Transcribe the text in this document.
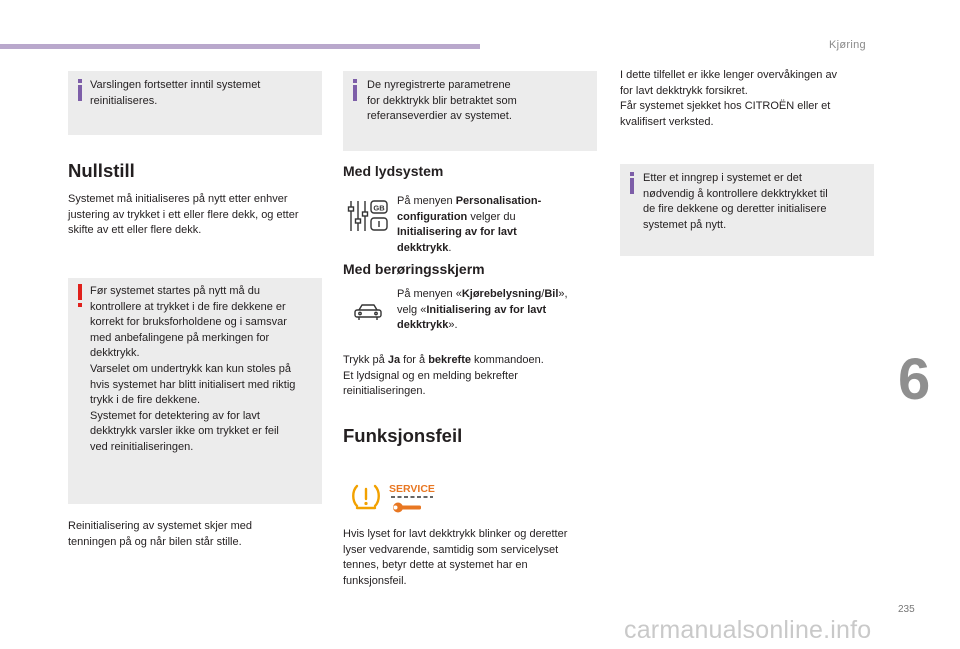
Kjøring
6
235
carmanualsonline.info
Varslingen fortsetter inntil systemet
reinitialiseres.
Nullstill
Systemet må initialiseres på nytt etter enhver
justering av trykket i ett eller flere dekk, og etter
skifte av ett eller flere dekk.
Før systemet startes på nytt må du
kontrollere at trykket i de fire dekkene er
korrekt for bruksforholdene og i samsvar
med anbefalingene på merkingen for
dekktrykk.
Varselet om undertrykk kan kun stoles på
hvis systemet har blitt initialisert med riktig
trykk i de fire dekkene.
Systemet for detektering av for lavt
dekktrykk varsler ikke om trykket er feil
ved reinitialiseringen.
Reinitialisering av systemet skjer med
tenningen på og når bilen står stille.
De nyregistrerte parametrene
for dekktrykk blir betraktet som
referanseverdier av systemet.
Med lydsystem
GB
På menyen Personalisation-
configuration velger du
Initialisering av for lavt
dekktrykk.
Med berøringsskjerm
På menyen «Kjørebelysning/Bil»,
velg «Initialisering av for lavt
dekktrykk».
Trykk på Ja for å bekrefte kommandoen.
Et lydsignal og en melding bekrefter
reinitialiseringen.
Funksjonsfeil
SERVICE
Hvis lyset for lavt dekktrykk blinker og deretter
lyser vedvarende, samtidig som servicelyset
tennes, betyr dette at systemet har en
funksjonsfeil.
I dette tilfellet er ikke lenger overvåkingen av
for lavt dekktrykk forsikret.
Får systemet sjekket hos CITROËN eller et
kvalifisert verksted.
Etter et inngrep i systemet er det
nødvendig å kontrollere dekktrykket til
de fire dekkene og deretter initialisere
systemet på nytt.
